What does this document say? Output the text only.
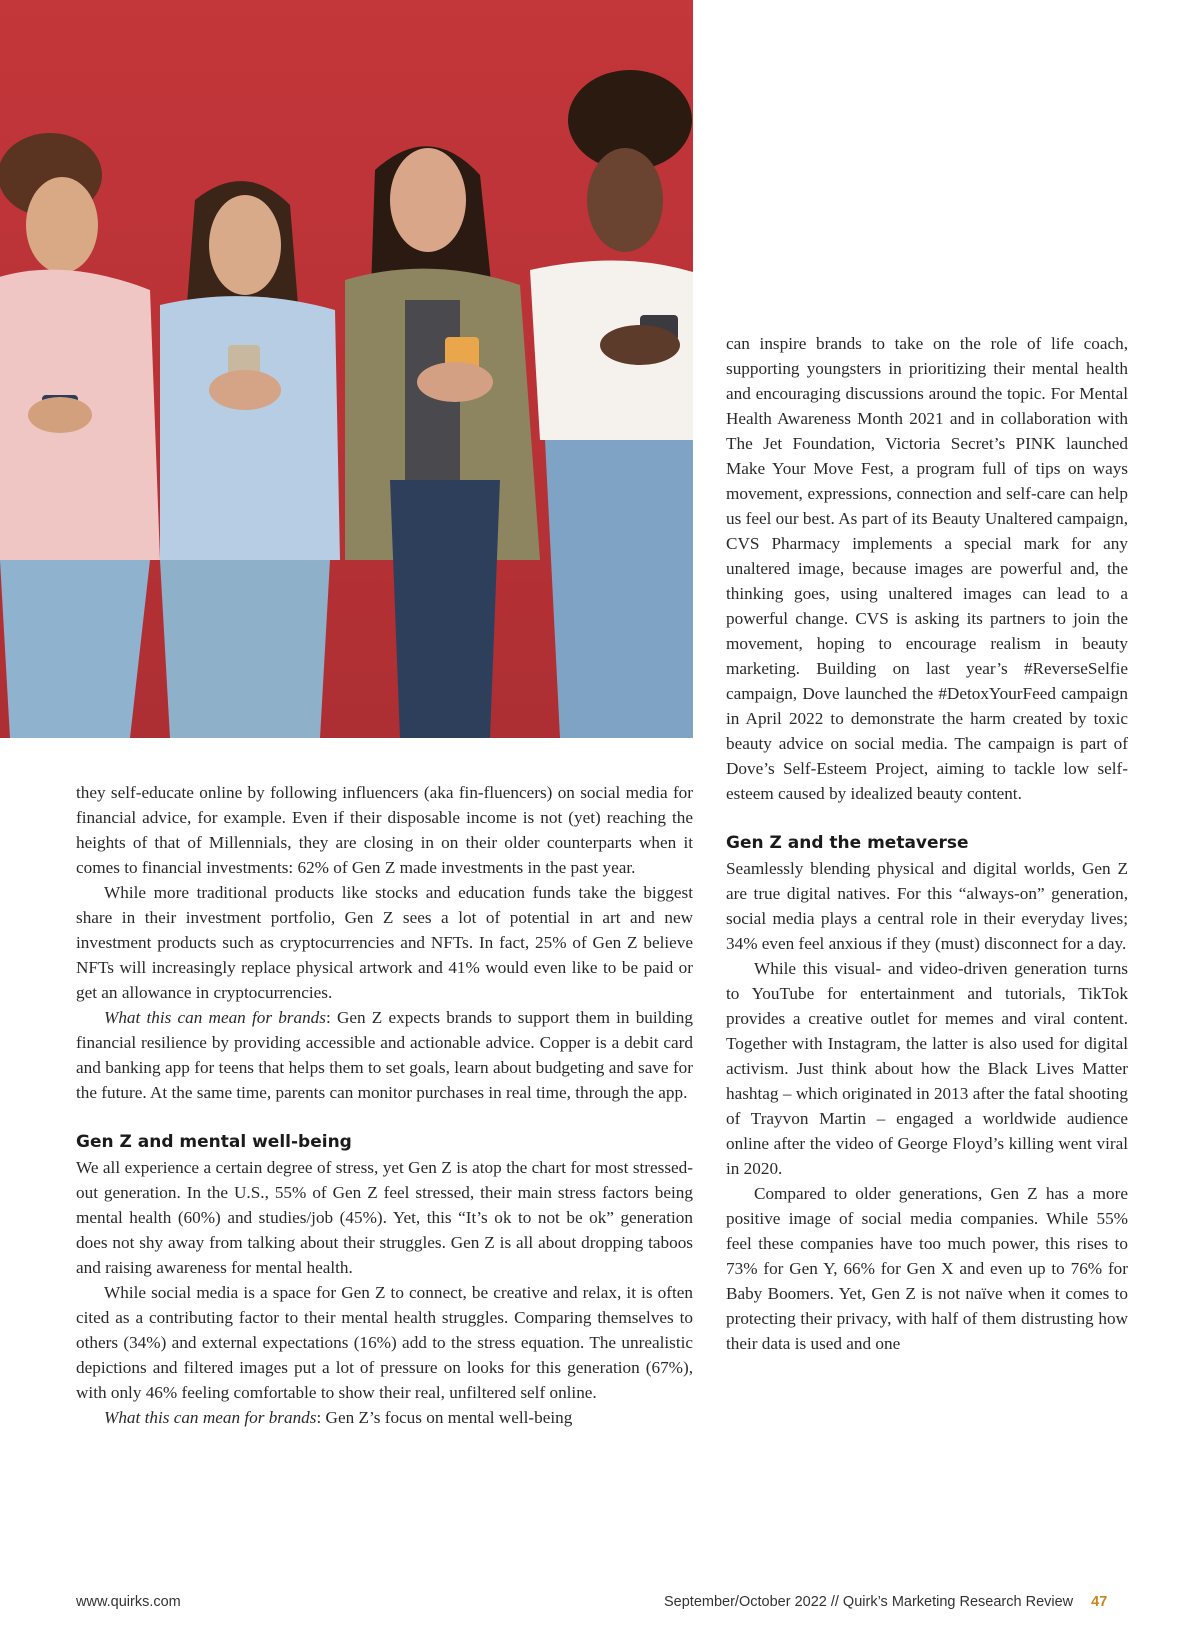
they self-educate online by following influencers (aka fin-fluencers) on social media for financial advice, for example. Even if their disposable income is not (yet) reaching the heights of that of Millennials, they are closing in on their older counterparts when it comes to financial investments: 62% of Gen Z made investments in the past year.

While more traditional products like stocks and education funds take the biggest share in their investment portfolio, Gen Z sees a lot of potential in art and new investment products such as cryptocurrencies and NFTs. In fact, 25% of Gen Z believe NFTs will increasingly replace physical artwork and 41% would even like to be paid or get an allowance in cryptocurrencies.

What this can mean for brands: Gen Z expects brands to support them in building financial resilience by providing accessible and actionable advice. Copper is a debit card and banking app for teens that helps them to set goals, learn about budgeting and save for the future. At the same time, parents can monitor purchases in real time, through the app.

Gen Z and mental well-being

We all experience a certain degree of stress, yet Gen Z is atop the chart for most stressed-out generation. In the U.S., 55% of Gen Z feel stressed, their main stress factors being mental health (60%) and studies/job (45%). Yet, this “It’s ok to not be ok” generation does not shy away from talking about their struggles. Gen Z is all about dropping taboos and raising awareness for mental health.

While social media is a space for Gen Z to connect, be creative and relax, it is often cited as a contributing factor to their mental health struggles. Comparing themselves to others (34%) and external expectations (16%) add to the stress equation. The unrealistic depictions and filtered images put a lot of pressure on looks for this generation (67%), with only 46% feeling comfortable to show their real, unfiltered self online.

What this can mean for brands: Gen Z’s focus on mental well-being

can inspire brands to take on the role of life coach, supporting youngsters in prioritizing their mental health and encouraging discussions around the topic. For Mental Health Awareness Month 2021 and in collaboration with The Jet Foundation, Victoria Secret’s PINK launched Make Your Move Fest, a program full of tips on ways movement, expressions, connection and self-care can help us feel our best. As part of its Beauty Unaltered campaign, CVS Pharmacy implements a special mark for any unaltered image, because images are powerful and, the thinking goes, using unaltered images can lead to a powerful change. CVS is asking its partners to join the movement, hoping to encourage realism in beauty marketing. Building on last year’s #ReverseSelfie campaign, Dove launched the #DetoxYourFeed campaign in April 2022 to demonstrate the harm created by toxic beauty advice on social media. The campaign is part of Dove’s Self-Esteem Project, aiming to tackle low self-esteem caused by idealized beauty content.

Gen Z and the metaverse

Seamlessly blending physical and digital worlds, Gen Z are true digital natives. For this “always-on” generation, social media plays a central role in their everyday lives; 34% even feel anxious if they (must) disconnect for a day.

While this visual- and video-driven generation turns to YouTube for entertainment and tutorials, TikTok provides a creative outlet for memes and viral content. Together with Instagram, the latter is also used for digital activism. Just think about how the Black Lives Matter hashtag – which originated in 2013 after the fatal shooting of Trayvon Martin – engaged a worldwide audience online after the video of George Floyd’s killing went viral in 2020.

Compared to older generations, Gen Z has a more positive image of social media companies. While 55% feel these companies have too much power, this rises to 73% for Gen Y, 66% for Gen X and even up to 76% for Baby Boomers. Yet, Gen Z is not naïve when it comes to protecting their privacy, with half of them distrusting how their data is used and one

www.quirks.com	September/October 2022 // Quirk’s Marketing Research Review 47
